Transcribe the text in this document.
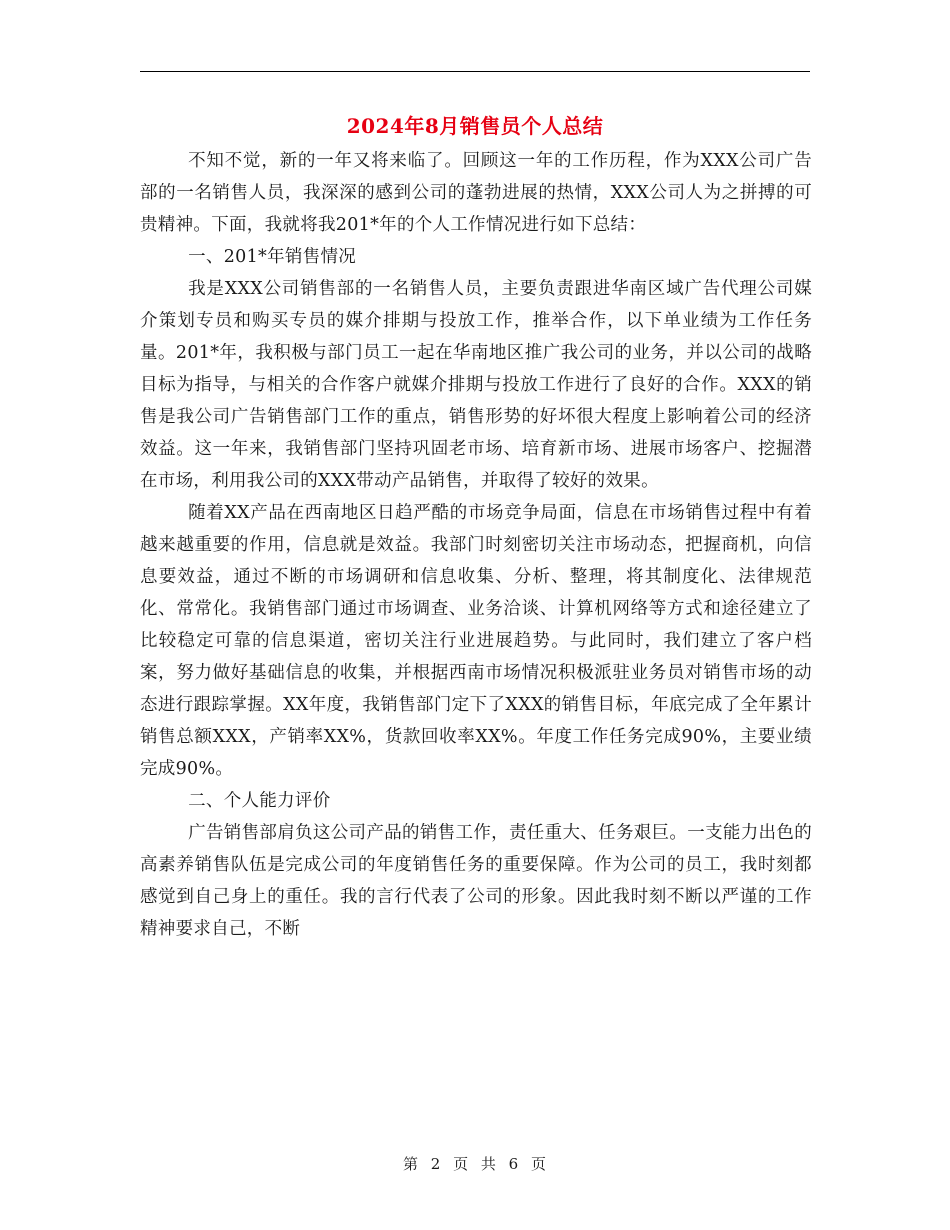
2024年8月销售员个人总结

不知不觉，新的一年又将来临了。回顾这一年的工作历程，作为XXX公司广告部的一名销售人员，我深深的感到公司的蓬勃进展的热情，XXX公司人为之拼搏的可贵精神。下面，我就将我201*年的个人工作情况进行如下总结：

一、201*年销售情况

我是XXX公司销售部的一名销售人员，主要负责跟进华南区域广告代理公司媒介策划专员和购买专员的媒介排期与投放工作，推举合作，以下单业绩为工作任务量。201*年，我积极与部门员工一起在华南地区推广我公司的业务，并以公司的战略目标为指导，与相关的合作客户就媒介排期与投放工作进行了良好的合作。XXX的销售是我公司广告销售部门工作的重点，销售形势的好坏很大程度上影响着公司的经济效益。这一年来，我销售部门坚持巩固老市场、培育新市场、进展市场客户、挖掘潜在市场，利用我公司的XXX带动产品销售，并取得了较好的效果。

随着XX产品在西南地区日趋严酷的市场竞争局面，信息在市场销售过程中有着越来越重要的作用，信息就是效益。我部门时刻密切关注市场动态，把握商机，向信息要效益，通过不断的市场调研和信息收集、分析、整理，将其制度化、法律规范化、常常化。我销售部门通过市场调查、业务洽谈、计算机网络等方式和途径建立了比较稳定可靠的信息渠道，密切关注行业进展趋势。与此同时，我们建立了客户档案，努力做好基础信息的收集，并根据西南市场情况积极派驻业务员对销售市场的动态进行跟踪掌握。XX年度，我销售部门定下了XXX的销售目标，年底完成了全年累计销售总额XXX，产销率XX%，货款回收率XX%。年度工作任务完成90%，主要业绩完成90%。

二、个人能力评价

广告销售部肩负这公司产品的销售工作，责任重大、任务艰巨。一支能力出色的高素养销售队伍是完成公司的年度销售任务的重要保障。作为公司的员工，我时刻都感觉到自己身上的重任。我的言行代表了公司的形象。因此我时刻不断以严谨的工作精神要求自己，不断

第 2 页 共 6 页
